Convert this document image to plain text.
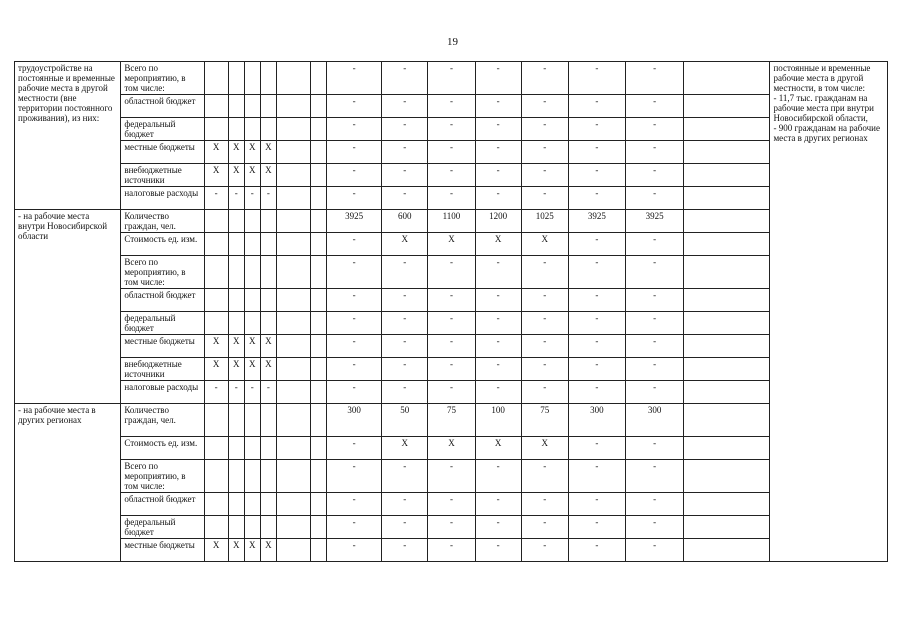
19
трудоустройстве на постоянные и временные рабочие места в другой местности (вне территории постоянного проживания), из них:	Всего по мероприятию, в том числе:							-	-	-	-	-	-	-		постоянные и временные рабочие места в другой местности, в том числе:
- 11,7 тыс. гражданам на рабочие места при внутри Новосибирской области,
- 900 гражданам на рабочие места в других регионах
	областной бюджет							-	-	-	-	-	-	-		
	федеральный бюджет							-	-	-	-	-	-	-		
	местные бюджеты	X	X	X	X			-	-	-	-	-	-	-		
	внебюджетные источники	X	X	X	X			-	-	-	-	-	-	-		
	налоговые расходы	-	-	-	-			-	-	-	-	-	-	-		
- на рабочие места внутри Новосибирской области	Количество граждан, чел.							3925	600	1100	1200	1025	3925	3925		
	Стоимость ед. изм.							-	X	X	X	X	-	-		
	Всего по мероприятию, в том числе:							-	-	-	-	-	-	-		
	областной бюджет							-	-	-	-	-	-	-		
	федеральный бюджет							-	-	-	-	-	-	-		
	местные бюджеты	X	X	X	X			-	-	-	-	-	-	-		
	внебюджетные источники	X	X	X	X			-	-	-	-	-	-	-		
	налоговые расходы	-	-	-	-			-	-	-	-	-	-	-		
- на рабочие места в других регионах	Количество граждан, чел.							300	50	75	100	75	300	300		
	Стоимость ед. изм.							-	X	X	X	X	-	-		
	Всего по мероприятию, в том числе:							-	-	-	-	-	-	-		
	областной бюджет							-	-	-	-	-	-	-		
	федеральный бюджет							-	-	-	-	-	-	-		
	местные бюджеты	X	X	X	X			-	-	-	-	-	-	-		
